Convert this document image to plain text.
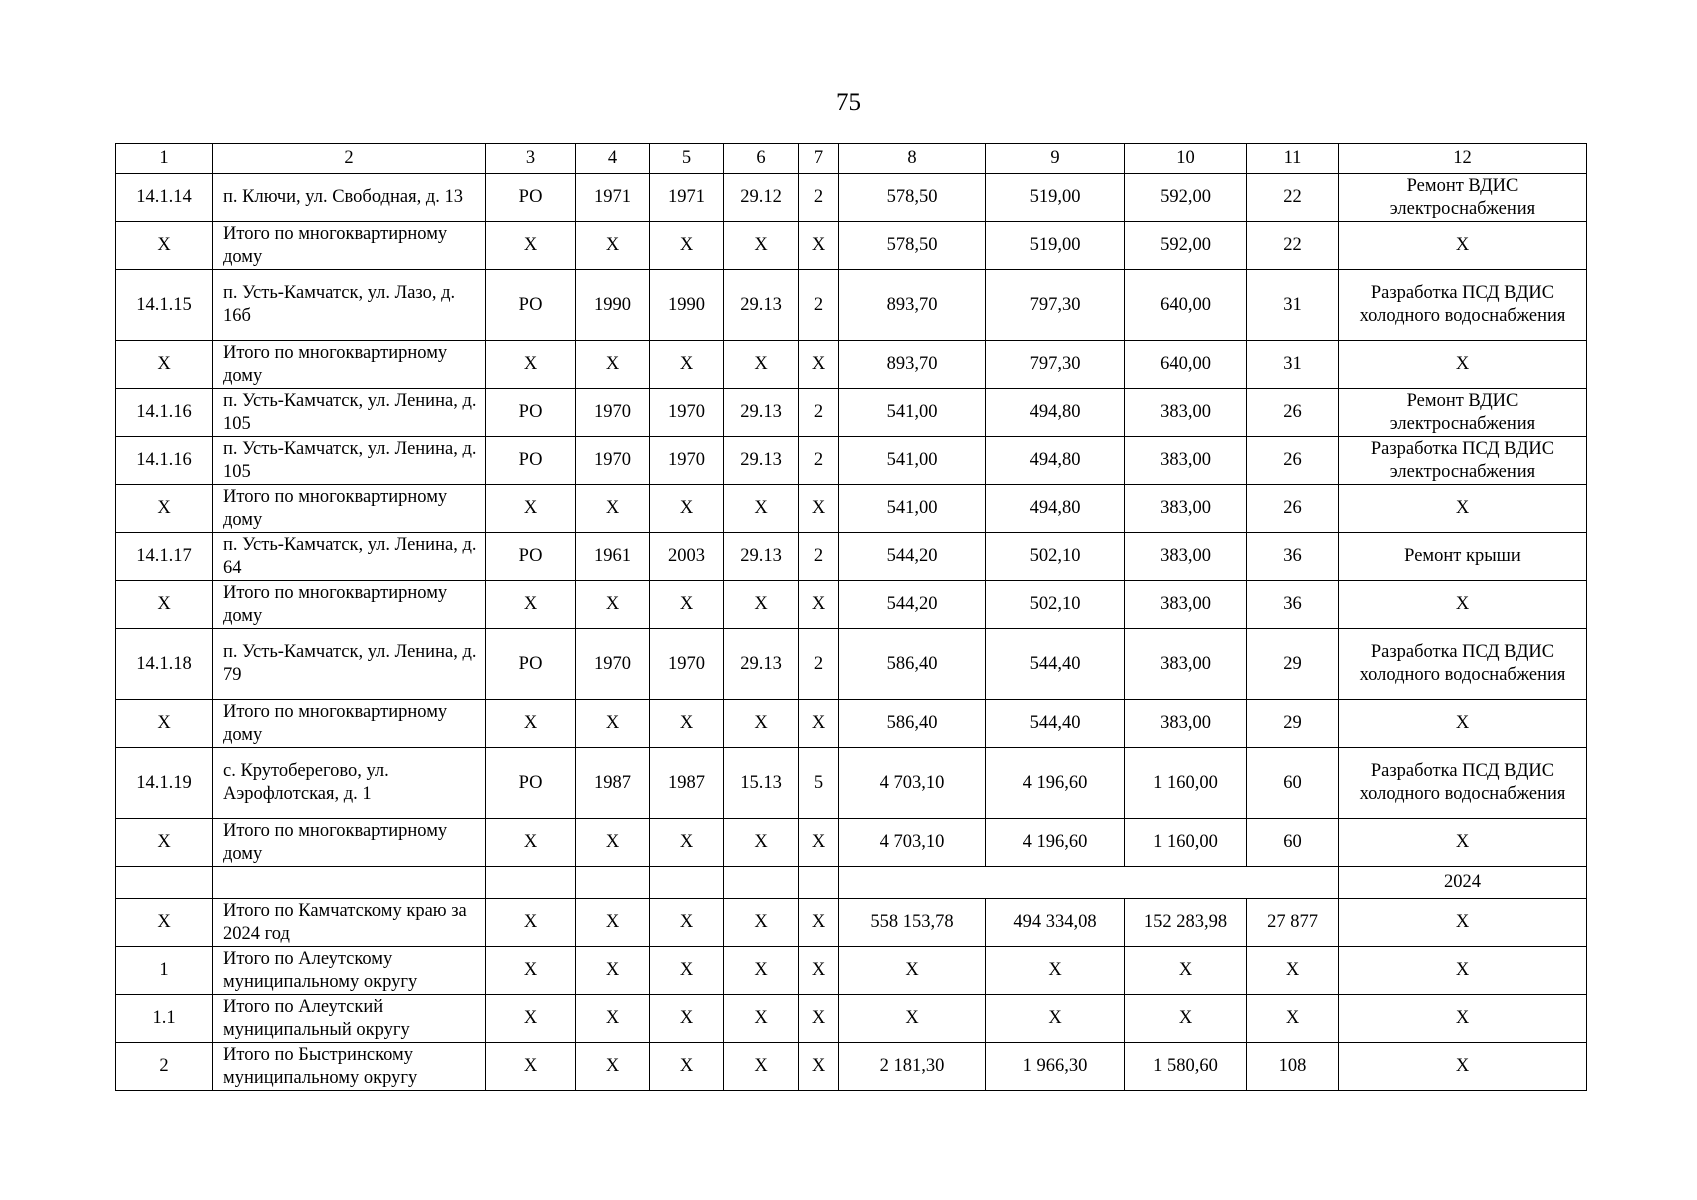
75
1	2	3	4	5	6	7	8	9	10	11	12
14.1.14	п. Ключи, ул. Свободная, д. 13	РО	1971	1971	29.12	2	578,50	519,00	592,00	22	Ремонт ВДИС электроснабжения
X	Итого по многоквартирному дому	X	X	X	X	X	578,50	519,00	592,00	22	X
14.1.15	п. Усть-Камчатск, ул. Лазо, д. 16б	РО	1990	1990	29.13	2	893,70	797,30	640,00	31	Разработка ПСД ВДИС холодного водоснабжения
X	Итого по многоквартирному дому	X	X	X	X	X	893,70	797,30	640,00	31	X
14.1.16	п. Усть-Камчатск, ул. Ленина, д. 105	РО	1970	1970	29.13	2	541,00	494,80	383,00	26	Ремонт ВДИС электроснабжения
14.1.16	п. Усть-Камчатск, ул. Ленина, д. 105	РО	1970	1970	29.13	2	541,00	494,80	383,00	26	Разработка ПСД ВДИС электроснабжения
X	Итого по многоквартирному дому	X	X	X	X	X	541,00	494,80	383,00	26	X
14.1.17	п. Усть-Камчатск, ул. Ленина, д. 64	РО	1961	2003	29.13	2	544,20	502,10	383,00	36	Ремонт крыши
X	Итого по многоквартирному дому	X	X	X	X	X	544,20	502,10	383,00	36	X
14.1.18	п. Усть-Камчатск, ул. Ленина, д. 79	РО	1970	1970	29.13	2	586,40	544,40	383,00	29	Разработка ПСД ВДИС холодного водоснабжения
X	Итого по многоквартирному дому	X	X	X	X	X	586,40	544,40	383,00	29	X
14.1.19	с. Крутоберегово, ул. Аэрофлотская, д. 1	РО	1987	1987	15.13	5	4 703,10	4 196,60	1 160,00	60	Разработка ПСД ВДИС холодного водоснабжения
X	Итого по многоквартирному дому	X	X	X	X	X	4 703,10	4 196,60	1 160,00	60	X
											2024
X	Итого по Камчатскому краю за 2024 год	X	X	X	X	X	558 153,78	494 334,08	152 283,98	27 877	X
1	Итого по Алеутскому муниципальному округу	X	X	X	X	X	X	X	X	X	X
1.1	Итого по Алеутский муниципальный округу	X	X	X	X	X	X	X	X	X	X
2	Итого по Быстринскому муниципальному округу	X	X	X	X	X	2 181,30	1 966,30	1 580,60	108	X
